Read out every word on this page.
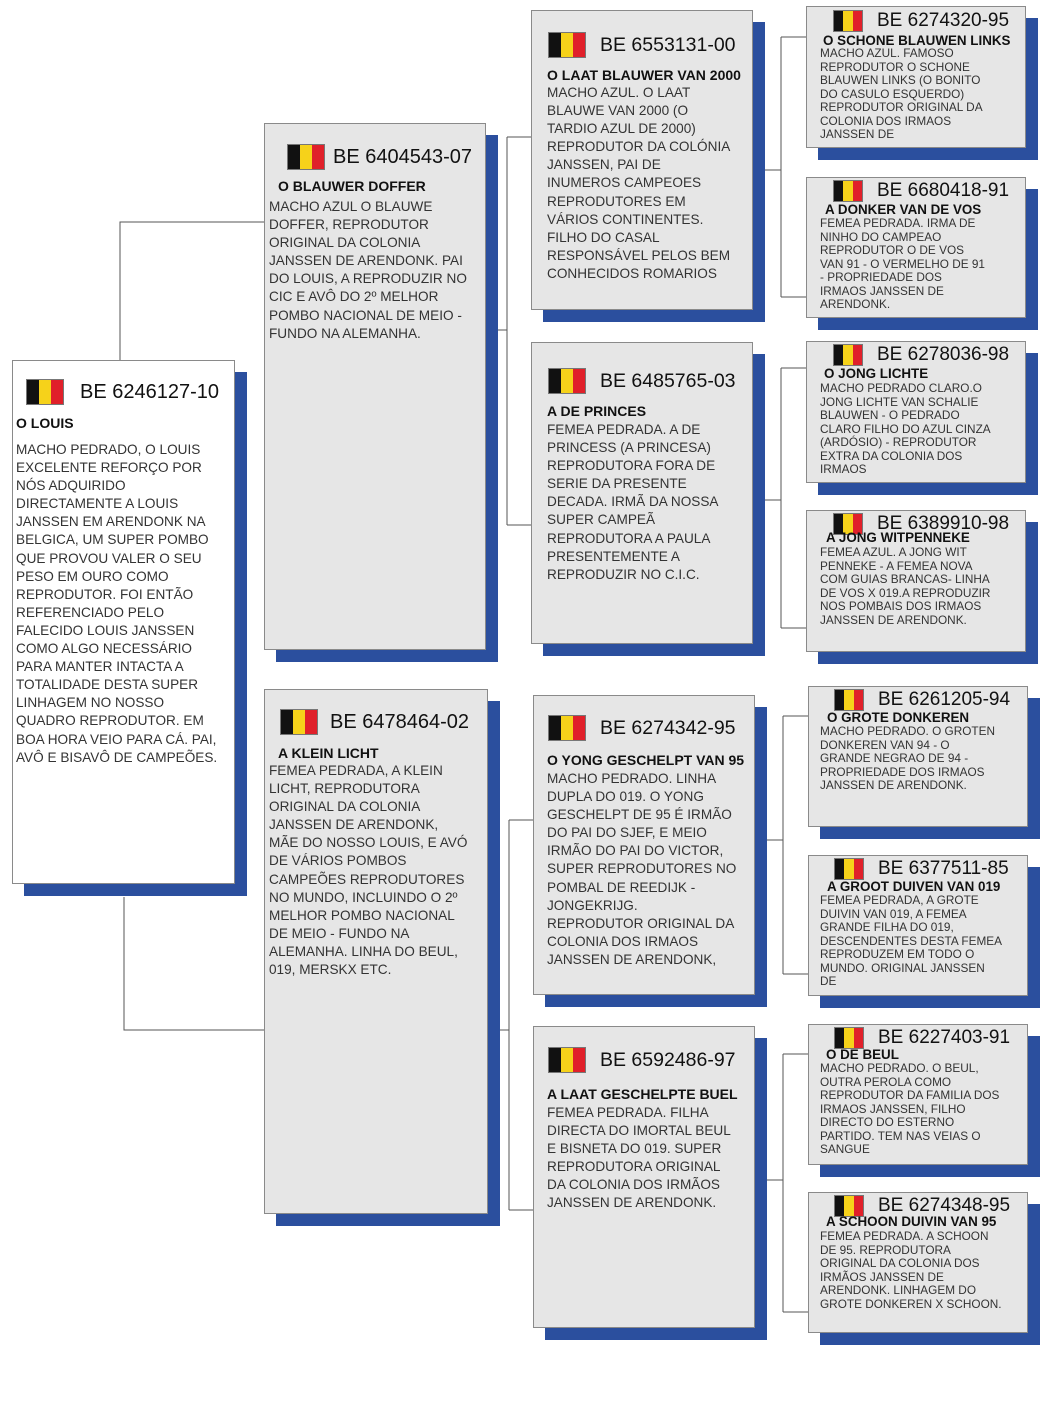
BE 6246127-10
O LOUIS
MACHO PEDRADO, O LOUIS EXCELENTE REFORÇO POR NÓS ADQUIRIDO DIRECTAMENTE A LOUIS JANSSEN EM ARENDONK NA BELGICA, UM SUPER POMBO QUE PROVOU VALER O SEU PESO EM OURO COMO REPRODUTOR. FOI ENTÃO REFERENCIADO PELO FALECIDO LOUIS JANSSEN COMO ALGO NECESSÁRIO PARA MANTER INTACTA A TOTALIDADE DESTA SUPER LINHAGEM NO NOSSO QUADRO REPRODUTOR. EM BOA HORA VEIO PARA CÁ. PAI, AVÔ E BISAVÔ DE CAMPEÕES.
BE 6404543-07
O BLAUWER DOFFER
MACHO AZUL O BLAUWE DOFFER, REPRODUTOR ORIGINAL DA COLONIA JANSSEN DE ARENDONK. PAI DO LOUIS, A REPRODUZIR NO CIC E AVÔ DO 2º MELHOR POMBO NACIONAL DE MEIO - FUNDO NA ALEMANHA.
BE 6478464-02
A KLEIN LICHT
FEMEA PEDRADA, A KLEIN LICHT, REPRODUTORA ORIGINAL DA COLONIA JANSSEN DE ARENDONK, MÃE DO NOSSO LOUIS, E AVÓ DE VÁRIOS POMBOS CAMPEÕES REPRODUTORES NO MUNDO, INCLUINDO O 2º MELHOR POMBO NACIONAL DE MEIO - FUNDO NA ALEMANHA. LINHA DO BEUL, 019, MERSKX ETC.
BE 6553131-00
O LAAT BLAUWER VAN 2000
MACHO AZUL. O LAAT BLAUWE VAN 2000 (O TARDIO AZUL DE 2000) REPRODUTOR DA COLÓNIA JANSSEN, PAI DE INUMEROS CAMPEOES REPRODUTORES EM VÁRIOS CONTINENTES. FILHO DO CASAL RESPONSÁVEL PELOS BEM CONHECIDOS ROMARIOS
BE 6485765-03
A DE PRINCES
FEMEA PEDRADA. A DE PRINCESS (A PRINCESA) REPRODUTORA FORA DE SERIE DA PRESENTE DECADA. IRMÃ DA NOSSA SUPER CAMPEÃ REPRODUTORA A PAULA PRESENTEMENTE A REPRODUZIR NO C.I.C.
BE 6274342-95
O YONG GESCHELPT VAN 95
MACHO PEDRADO. LINHA DUPLA DO 019. O YONG GESCHELPT DE 95 É IRMÃO DO PAI DO SJEF, E MEIO IRMÃO DO PAI DO VICTOR, SUPER REPRODUTORES NO POMBAL DE REEDIJK - JONGEKRIJG. REPRODUTOR ORIGINAL DA COLONIA DOS IRMAOS JANSSEN DE ARENDONK,
BE 6592486-97
A LAAT GESCHELPTE BUEL
FEMEA PEDRADA. FILHA DIRECTA DO IMORTAL BEUL E BISNETA DO 019. SUPER REPRODUTORA ORIGINAL DA COLONIA DOS IRMÃOS JANSSEN DE ARENDONK.
BE 6274320-95
O SCHONE BLAUWEN LINKS
MACHO AZUL. FAMOSO REPRODUTOR O SCHONE BLAUWEN LINKS (O BONITO DO CASULO ESQUERDO) REPRODUTOR ORIGINAL DA COLONIA DOS IRMAOS JANSSEN DE
BE 6680418-91
A DONKER VAN DE VOS
FEMEA PEDRADA. IRMA DE NINHO DO CAMPEAO REPRODUTOR O DE VOS VAN 91 - O VERMELHO DE 91 - PROPRIEDADE DOS IRMAOS JANSSEN DE ARENDONK.
BE 6278036-98
O JONG LICHTE
MACHO PEDRADO CLARO.O JONG LICHTE VAN SCHALIE BLAUWEN - O PEDRADO CLARO FILHO DO AZUL CINZA (ARDÓSIO) - REPRODUTOR EXTRA DA COLONIA DOS IRMAOS
BE 6389910-98
A JONG WITPENNEKE
FEMEA AZUL. A JONG WIT PENNEKE - A FEMEA NOVA COM GUIAS BRANCAS- LINHA DE VOS X 019.A REPRODUZIR NOS POMBAIS DOS IRMAOS JANSSEN DE ARENDONK.
BE 6261205-94
O GROTE DONKEREN
MACHO PEDRADO. O GROTEN DONKEREN VAN 94 - O GRANDE NEGRAO DE 94 - PROPRIEDADE DOS IRMAOS JANSSEN DE ARENDONK.
BE 6377511-85
A GROOT DUIVEN VAN 019
FEMEA PEDRADA, A GROTE DUIVIN VAN 019, A FEMEA GRANDE FILHA DO 019, DESCENDENTES DESTA FEMEA REPRODUZEM EM TODO O MUNDO. ORIGINAL JANSSEN DE
BE 6227403-91
O DE BEUL
MACHO PEDRADO. O BEUL, OUTRA PEROLA COMO REPRODUTOR DA FAMILIA DOS IRMAOS JANSSEN, FILHO DIRECTO DO ESTERNO PARTIDO. TEM NAS VEIAS O SANGUE
BE 6274348-95
A SCHOON DUIVIN VAN 95
FEMEA PEDRADA. A SCHOON DE 95. REPRODUTORA ORIGINAL DA COLONIA DOS IRMÃOS JANSSEN DE ARENDONK. LINHAGEM DO GROTE DONKEREN X SCHOON.
